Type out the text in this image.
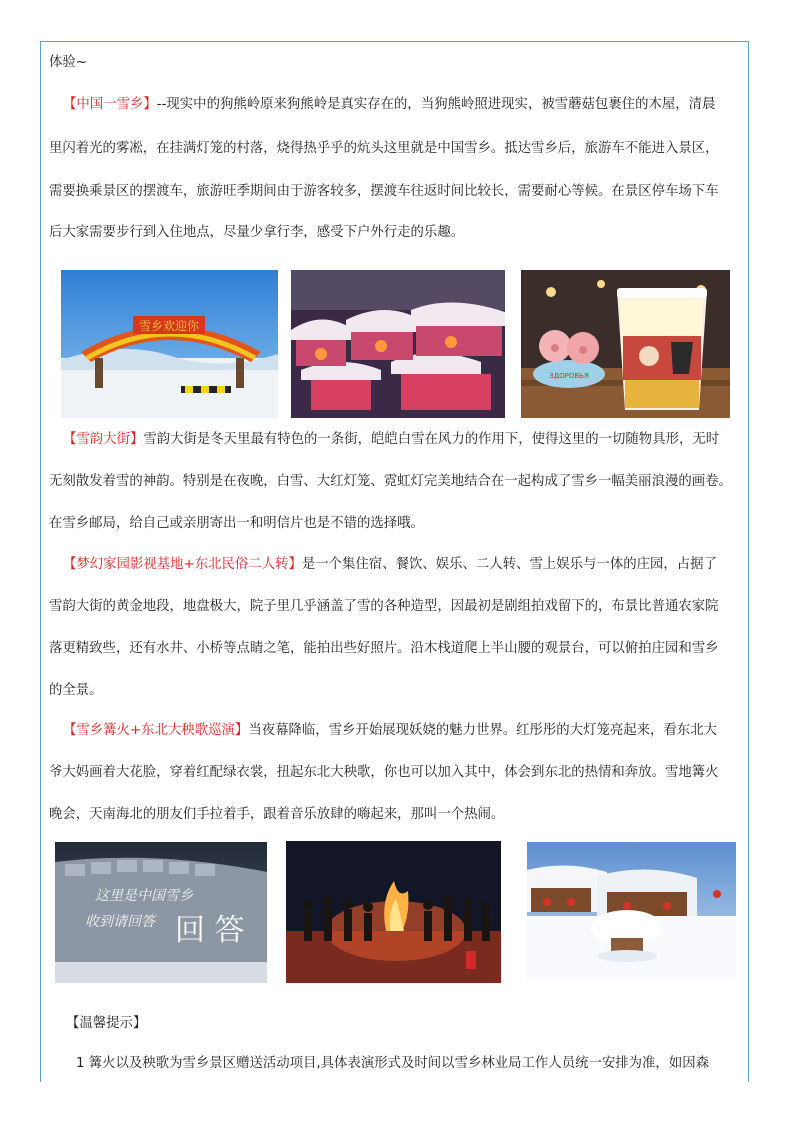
体验~
【中国一雪乡】--现实中的狗熊岭原来狗熊岭是真实存在的，当狗熊岭照进现实，被雪蘑菇包裹住的木屋，清晨
里闪着光的雾凇，在挂满灯笼的村落，烧得热乎乎的炕头这里就是中国雪乡。抵达雪乡后，旅游车不能进入景区，
需要换乘景区的摆渡车，旅游旺季期间由于游客较多，摆渡车往返时间比较长，需要耐心等候。在景区停车场下车
后大家需要步行到入住地点，尽量少拿行李，感受下户外行走的乐趣。
雪乡欢迎你
ЗДОРОВЬЯ
【雪韵大街】雪韵大街是冬天里最有特色的一条街，皑皑白雪在风力的作用下，使得这里的一切随物具形，无时
无刻散发着雪的神韵。特别是在夜晚，白雪、大红灯笼、霓虹灯完美地结合在一起构成了雪乡一幅美丽浪漫的画卷。
在雪乡邮局，给自己或亲朋寄出一和明信片也是不错的选择哦。
【梦幻家园影视基地+东北民俗二人转】是一个集住宿、餐饮、娱乐、二人转、雪上娱乐与一体的庄园，占据了
雪韵大街的黄金地段，地盘极大，院子里几乎涵盖了雪的各种造型，因最初是剧组拍戏留下的，布景比普通农家院
落更精致些，还有水井、小桥等点睛之笔，能拍出些好照片。沿木栈道爬上半山腰的观景台，可以俯拍庄园和雪乡
的全景。
【雪乡篝火+东北大秧歌巡演】当夜幕降临，雪乡开始展现妖娆的魅力世界。红彤彤的大灯笼亮起来，看东北大
爷大妈画着大花脸，穿着红配绿衣裳，扭起东北大秧歌，你也可以加入其中，体会到东北的热情和奔放。雪地篝火
晚会，天南海北的朋友们手拉着手，跟着音乐放肆的嗨起来，那叫一个热闹。
这里是中国雪乡
收到请回答 回 答
【温馨提示】
1 篝火以及秧歌为雪乡景区赠送活动项目,具体表演形式及时间以雪乡林业局工作人员统一安排为准，如因森
